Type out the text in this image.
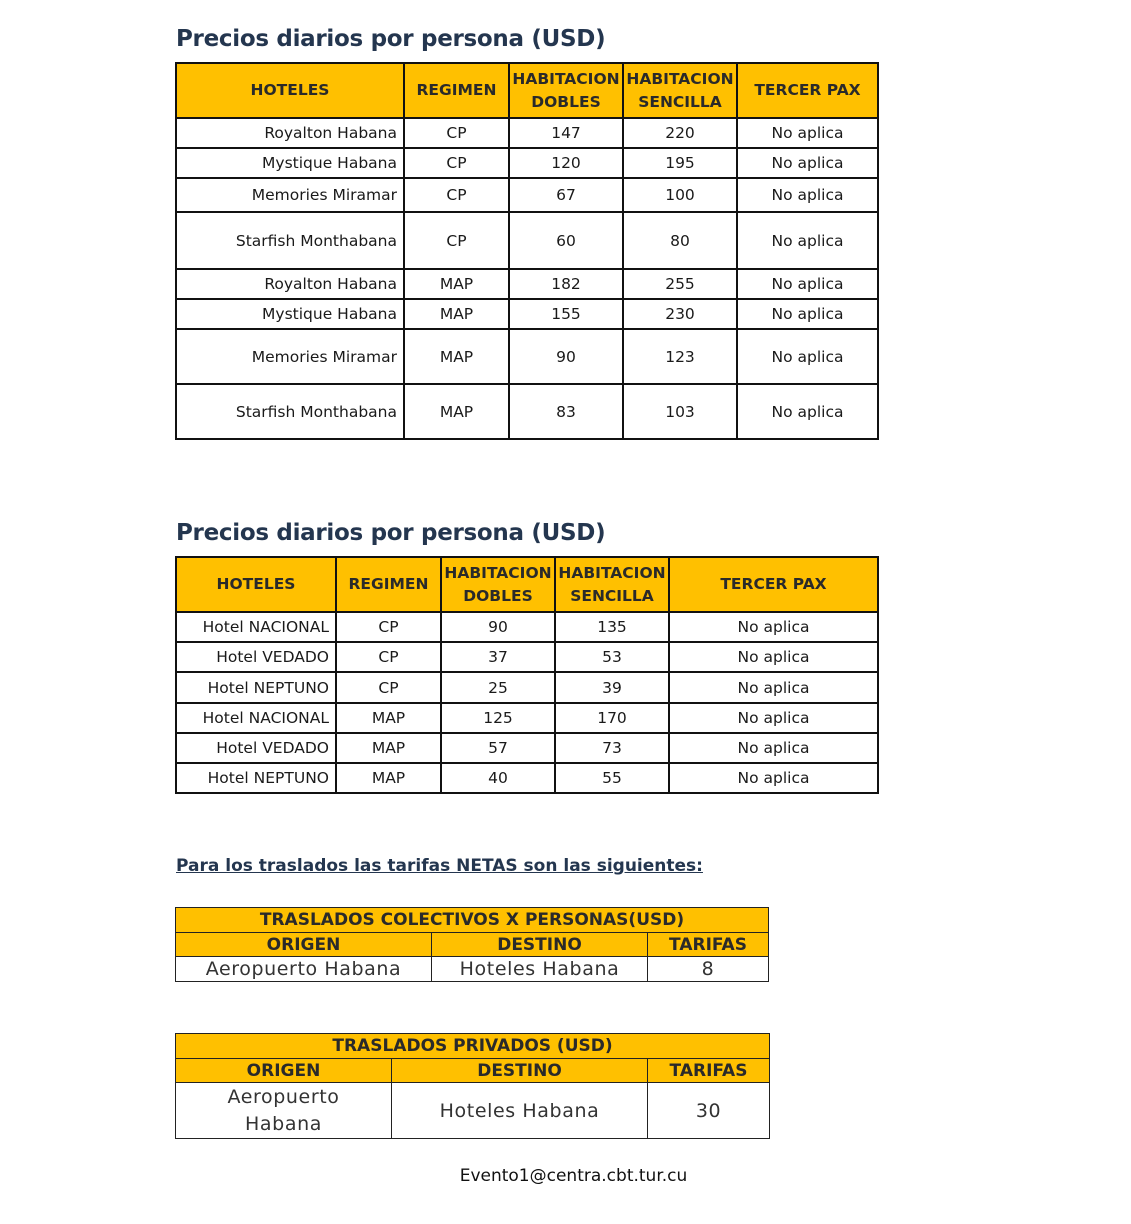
Precios diarios por persona (USD)
HOTELES	REGIMEN	HABITACION DOBLES	HABITACION SENCILLA	TERCER PAX
Royalton Habana	CP	147	220	No aplica
Mystique Habana	CP	120	195	No aplica
Memories Miramar	CP	67	100	No aplica
Starfish Monthabana	CP	60	80	No aplica
Royalton Habana	MAP	182	255	No aplica
Mystique Habana	MAP	155	230	No aplica
Memories Miramar	MAP	90	123	No aplica
Starfish Monthabana	MAP	83	103	No aplica
Precios diarios por persona (USD)
HOTELES	REGIMEN	HABITACION DOBLES	HABITACION SENCILLA	TERCER PAX
Hotel NACIONAL	CP	90	135	No aplica
Hotel VEDADO	CP	37	53	No aplica
Hotel NEPTUNO	CP	25	39	No aplica
Hotel NACIONAL	MAP	125	170	No aplica
Hotel VEDADO	MAP	57	73	No aplica
Hotel NEPTUNO	MAP	40	55	No aplica

Para los traslados las tarifas NETAS son las siguientes:

TRASLADOS COLECTIVOS X PERSONAS(USD)		
ORIGEN	DESTINO	TARIFAS
Aeropuerto Habana	Hoteles Habana	8
TRASLADOS PRIVADOS (USD)		
ORIGEN	DESTINO	TARIFAS
Aeropuerto Habana	Hoteles Habana	30

Evento1@centra.cbt.tur.cu
